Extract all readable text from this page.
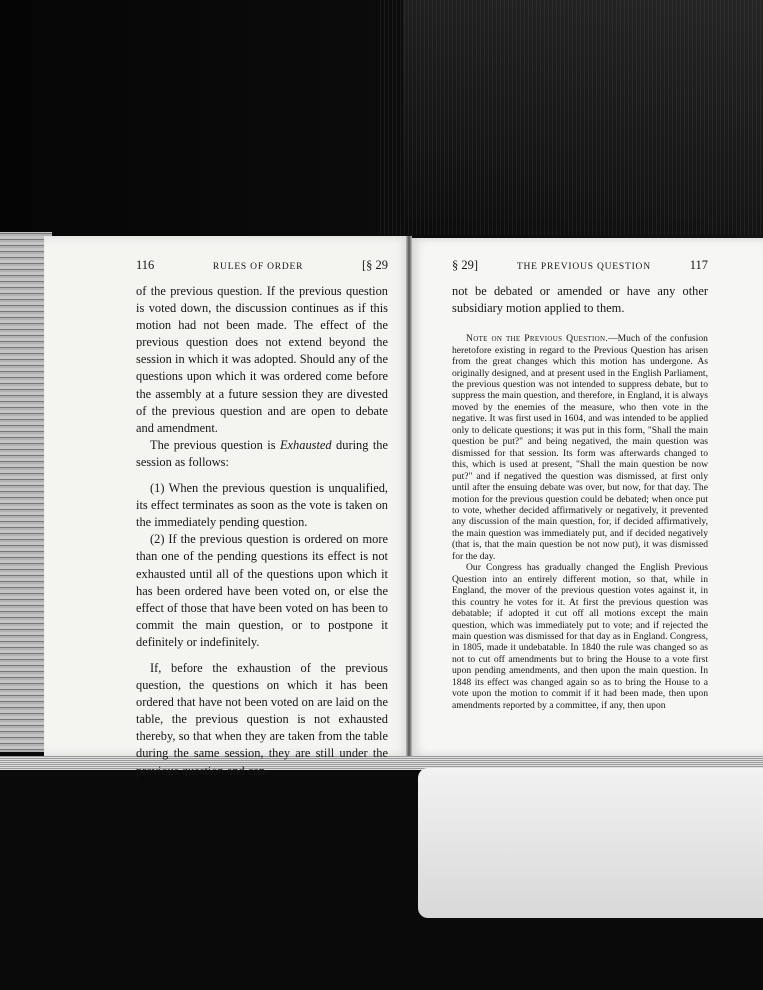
116	RULES OF ORDER	[§ 29

of the previous question. If the previous question is voted down, the discussion continues as if this motion had not been made. The effect of the previous question does not extend beyond the session in which it was adopted. Should any of the questions upon which it was ordered come before the assembly at a future session they are divested of the previous question and are open to debate and amendment.

The previous question is Exhausted during the session as follows:

(1) When the previous question is unqualified, its effect terminates as soon as the vote is taken on the immediately pending question.

(2) If the previous question is ordered on more than one of the pending questions its effect is not exhausted until all of the questions upon which it has been ordered have been voted on, or else the effect of those that have been voted on has been to commit the main question, or to postpone it definitely or indefinitely.

If, before the exhaustion of the previous question, the questions on which it has been ordered that have not been voted on are laid on the table, the previous question is not exhausted thereby, so that when they are taken from the table during the same session, they are still under the previous question and can-

§ 29]	THE PREVIOUS QUESTION	117

not be debated or amended or have any other subsidiary motion applied to them.

Note on the Previous Question.—Much of the confusion heretofore existing in regard to the Previous Question has arisen from the great changes which this motion has undergone. As originally designed, and at present used in the English Parliament, the previous question was not intended to suppress debate, but to suppress the main question, and therefore, in England, it is always moved by the enemies of the measure, who then vote in the negative. It was first used in 1604, and was intended to be applied only to delicate questions; it was put in this form, "Shall the main question be put?" and being negatived, the main question was dismissed for that session. Its form was afterwards changed to this, which is used at present, "Shall the main question be now put?" and if negatived the question was dismissed, at first only until after the ensuing debate was over, but now, for that day. The motion for the previous question could be debated; when once put to vote, whether decided affirmatively or negatively, it prevented any discussion of the main question, for, if decided affirmatively, the main question was immediately put, and if decided negatively (that is, that the main question be not now put), it was dismissed for the day.

Our Congress has gradually changed the English Previous Question into an entirely different motion, so that, while in England, the mover of the previous question votes against it, in this country he votes for it. At first the previous question was debatable; if adopted it cut off all motions except the main question, which was immediately put to vote; and if rejected the main question was dismissed for that day as in England. Congress, in 1805, made it undebatable. In 1840 the rule was changed so as not to cut off amendments but to bring the House to a vote first upon pending amendments, and then upon the main question. In 1848 its effect was changed again so as to bring the House to a vote upon the motion to commit if it had been made, then upon amendments reported by a committee, if any, then upon
